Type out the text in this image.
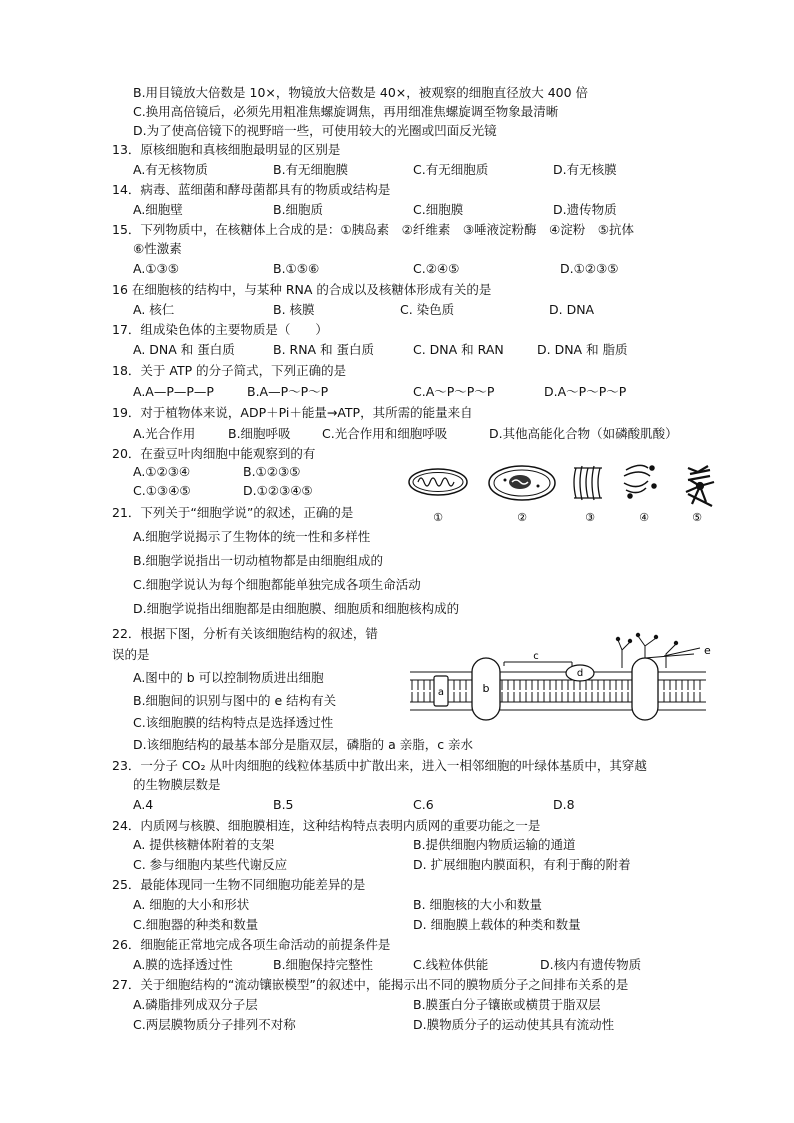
B.用目镜放大倍数是 10×，物镜放大倍数是 40×，被观察的细胞直径放大 400 倍
C.换用高倍镜后，必须先用粗准焦螺旋调焦，再用细准焦螺旋调至物象最清晰
D.为了使高倍镜下的视野暗一些，可使用较大的光圈或凹面反光镜
13．原核细胞和真核细胞最明显的区别是
A.有无核物质	B.有无细胞膜	C.有无细胞质	D.有无核膜
14．病毒、蓝细菌和酵母菌都具有的物质或结构是
A.细胞壁	B.细胞质	C.细胞膜	D.遗传物质
15．下列物质中，在核糖体上合成的是：①胰岛素　②纤维素　③唾液淀粉酶　④淀粉　⑤抗体
⑥性激素
A.①③⑤	B.①⑤⑥	C.②④⑤	D.①②③⑤
16 在细胞核的结构中，与某种 RNA 的合成以及核糖体形成有关的是
A. 核仁	B. 核膜	C. 染色质	D. DNA
17．组成染色体的主要物质是（　　）
A. DNA 和 蛋白质	B. RNA 和 蛋白质	C. DNA 和 RAN	D. DNA 和 脂质
18．关于 ATP 的分子简式，下列正确的是
A.A—P—P—P	B.A—P～P～P	C.A～P～P～P	D.A～P～P～P
19．对于植物体来说，ADP＋Pi＋能量→ATP，其所需的能量来自
A.光合作用	B.细胞呼吸	C.光合作用和细胞呼吸	D.其他高能化合物（如磷酸肌酸）
20．在蚕豆叶肉细胞中能观察到的有
A.①②③④	B.①②③⑤
C.①③④⑤	D.①②③④⑤
①	②	③	④	⑤
21．下列关于“细胞学说”的叙述，正确的是
A.细胞学说揭示了生物体的统一性和多样性
B.细胞学说指出一切动植物都是由细胞组成的
C.细胞学说认为每个细胞都能单独完成各项生命活动
D.细胞学说指出细胞都是由细胞膜、细胞质和细胞核构成的
22．根据下图，分析有关该细胞结构的叙述，错
误的是
A.图中的 b 可以控制物质进出细胞
B.细胞间的识别与图中的 e 结构有关
C.该细胞膜的结构特点是选择透过性
D.该细胞结构的最基本部分是脂双层，磷脂的 a 亲脂，c 亲水
a	b
c
d
e
23．一分子 CO₂ 从叶肉细胞的线粒体基质中扩散出来，进入一相邻细胞的叶绿体基质中，其穿越
的生物膜层数是
A.4	B.5	C.6	D.8
24．内质网与核膜、细胞膜相连，这种结构特点表明内质网的重要功能之一是
A. 提供核糖体附着的支架	B.提供细胞内物质运输的通道
C. 参与细胞内某些代谢反应	D. 扩展细胞内膜面积，有利于酶的附着
25．最能体现同一生物不同细胞功能差异的是
A. 细胞的大小和形状	B. 细胞核的大小和数量
C.细胞器的种类和数量	D. 细胞膜上载体的种类和数量
26．细胞能正常地完成各项生命活动的前提条件是
A.膜的选择透过性	B.细胞保持完整性	C.线粒体供能	D.核内有遗传物质
27．关于细胞结构的“流动镶嵌模型”的叙述中，能揭示出不同的膜物质分子之间排布关系的是
A.磷脂排列成双分子层	B.膜蛋白分子镶嵌或横贯于脂双层
C.两层膜物质分子排列不对称	D.膜物质分子的运动使其具有流动性
